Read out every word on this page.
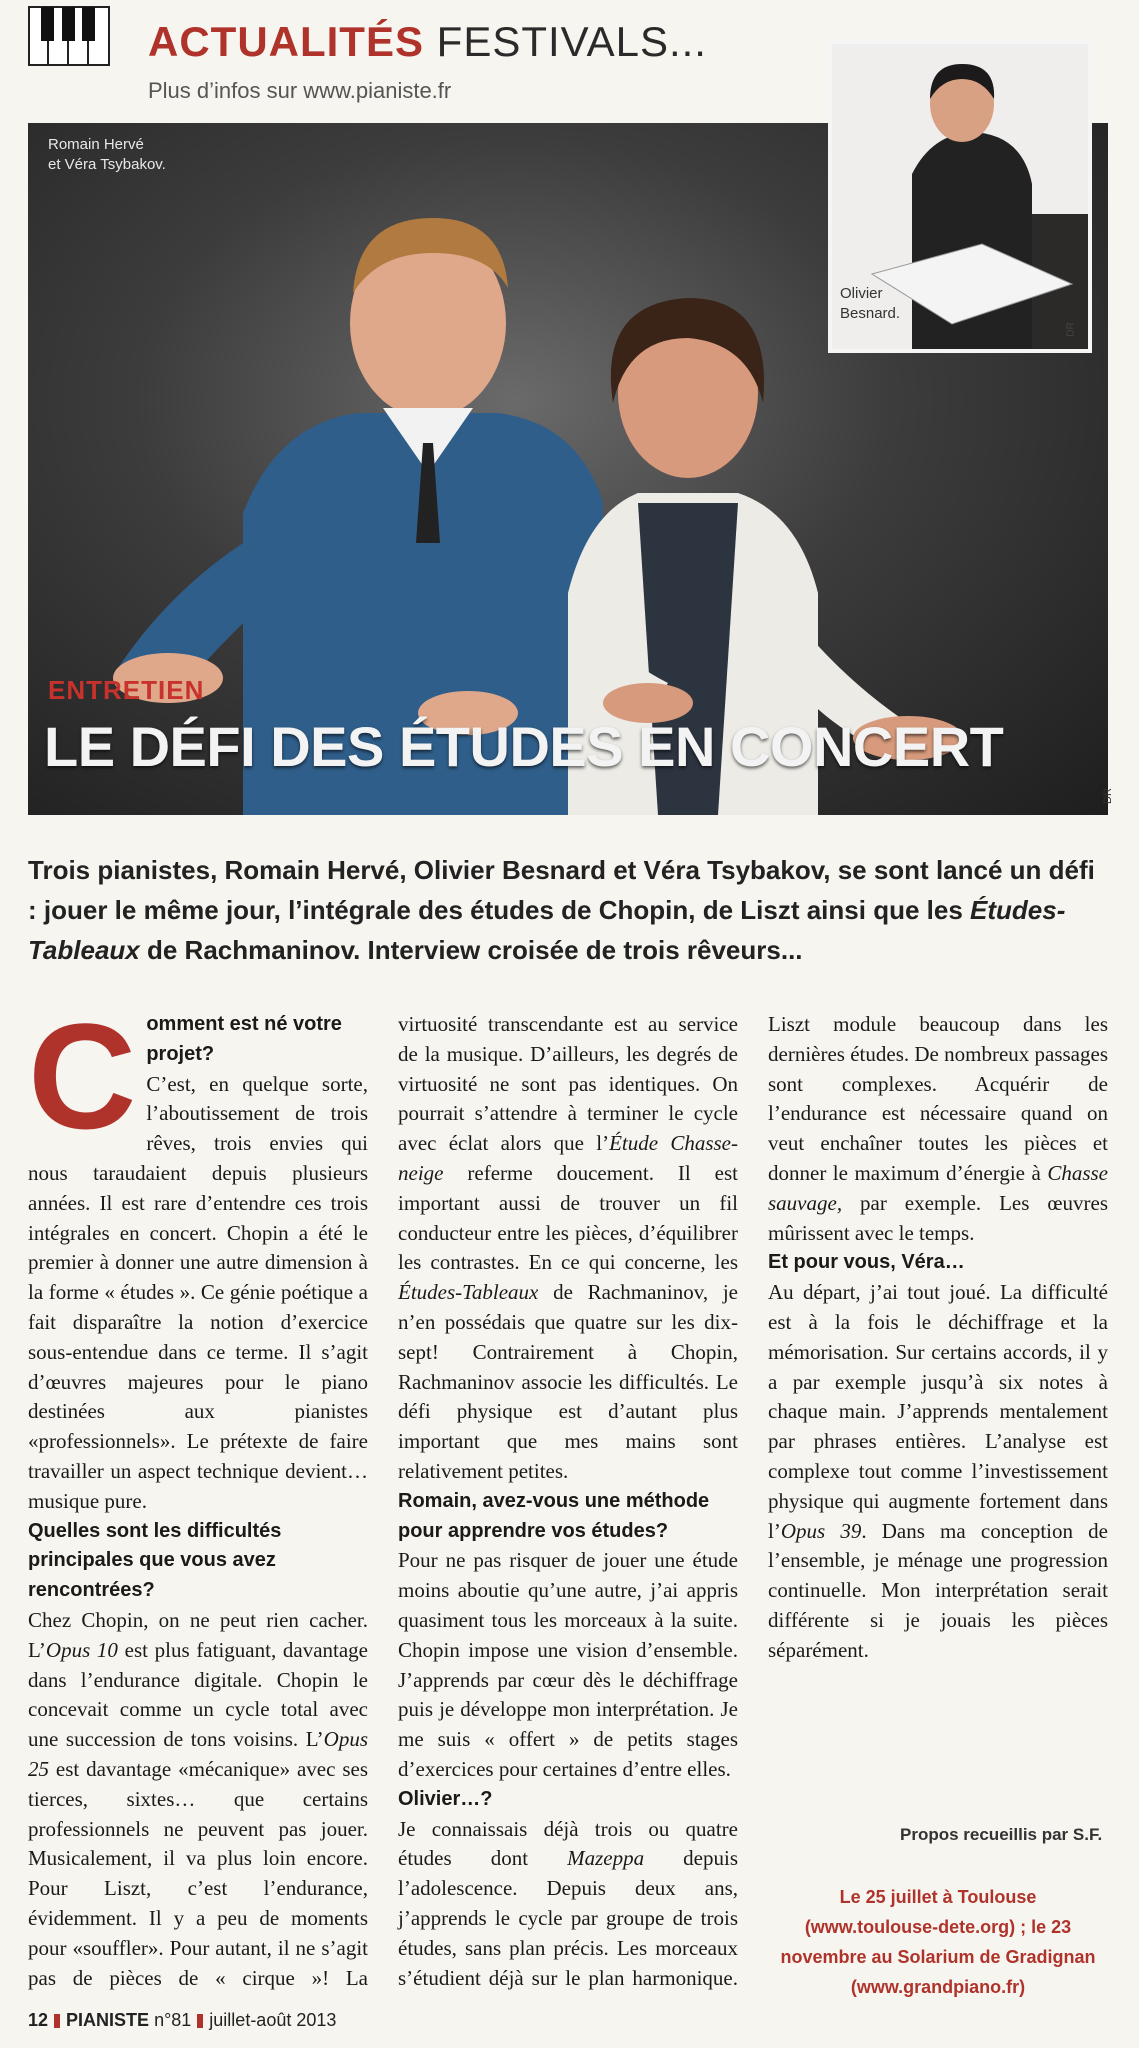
ACTUALITÉS FESTIVALS...
Plus d’infos sur www.pianiste.fr
Romain Hervé
et Véra Tsybakov.
DR
Olivier
Besnard.
DR
ENTRETIEN
LE DÉFI DES ÉTUDES EN CONCERT
Trois pianistes, Romain Hervé, Olivier Besnard et Véra Tsybakov, se sont lancé un défi : jouer le même jour, l’intégrale des études de Chopin, de Liszt ainsi que les Études-Tableaux de Rachmaninov. Interview croisée de trois rêveurs...
C omment est né votre projet?

C’est, en quelque sorte, l’aboutissement de trois rêves, trois envies qui nous taraudaient depuis plusieurs années. Il est rare d’entendre ces trois intégrales en concert. Chopin a été le premier à donner une autre dimension à la forme « études ». Ce génie poétique a fait disparaître la notion d’exercice sous-entendue dans ce terme. Il s’agit d’œuvres majeures pour le piano destinées aux pianistes «professionnels». Le prétexte de faire travailler un aspect technique devient… musique pure.

Quelles sont les difficultés principales que vous avez rencontrées?

Chez Chopin, on ne peut rien cacher. L’Opus 10 est plus fatiguant, davantage dans l’endurance digitale. Chopin le concevait comme un cycle total avec une succession de tons voisins. L’Opus 25 est davantage «mécanique» avec ses tierces, sixtes… que certains professionnels ne peuvent pas jouer. Musicalement, il va plus loin encore. Pour Liszt, c’est l’endurance, évidemment. Il y a peu de moments pour «souffler». Pour autant, il ne s’agit pas de pièces de « cirque »! La virtuosité transcendante est au service de la musique. D’ailleurs, les degrés de virtuosité ne sont pas identiques. On pourrait s’attendre à terminer le cycle avec éclat alors que l’Étude Chasse-neige referme doucement. Il est important aussi de trouver un fil conducteur entre les pièces, d’équilibrer les contrastes. En ce qui concerne, les Études-Tableaux de Rachmaninov, je n’en possédais que quatre sur les dix-sept! Contrairement à Chopin, Rachmaninov associe les difficultés. Le défi physique est d’autant plus important que mes mains sont relativement petites.

Romain, avez-vous une méthode pour apprendre vos études?

Pour ne pas risquer de jouer une étude moins aboutie qu’une autre, j’ai appris quasiment tous les morceaux à la suite. Chopin impose une vision d’ensemble. J’apprends par cœur dès le déchiffrage puis je développe mon interprétation. Je me suis « offert » de petits stages d’exercices pour certaines d’entre elles.

Olivier…?

Je connaissais déjà trois ou quatre études dont Mazeppa depuis l’adolescence. Depuis deux ans, j’apprends le cycle par groupe de trois études, sans plan précis. Les morceaux s’étudient déjà sur le plan harmonique. Liszt module beaucoup dans les dernières études. De nombreux passages sont complexes. Acquérir de l’endurance est nécessaire quand on veut enchaîner toutes les pièces et donner le maximum d’énergie à Chasse sauvage, par exemple. Les œuvres mûrissent avec le temps.

Et pour vous, Véra…

Au départ, j’ai tout joué. La difficulté est à la fois le déchiffrage et la mémorisation. Sur certains accords, il y a par exemple jusqu’à six notes à chaque main. J’apprends mentalement par phrases entières. L’analyse est complexe tout comme l’investissement physique qui augmente fortement dans l’Opus 39. Dans ma conception de l’ensemble, je ménage une progression continuelle. Mon interprétation serait différente si je jouais les pièces séparément.

Propos recueillis par S.F.
Le 25 juillet à Toulouse (www.toulouse-dete.org) ; le 23 novembre au Solarium de Gradignan (www.grandpiano.fr)
12 PIANISTE n°81 juillet-août 2013
